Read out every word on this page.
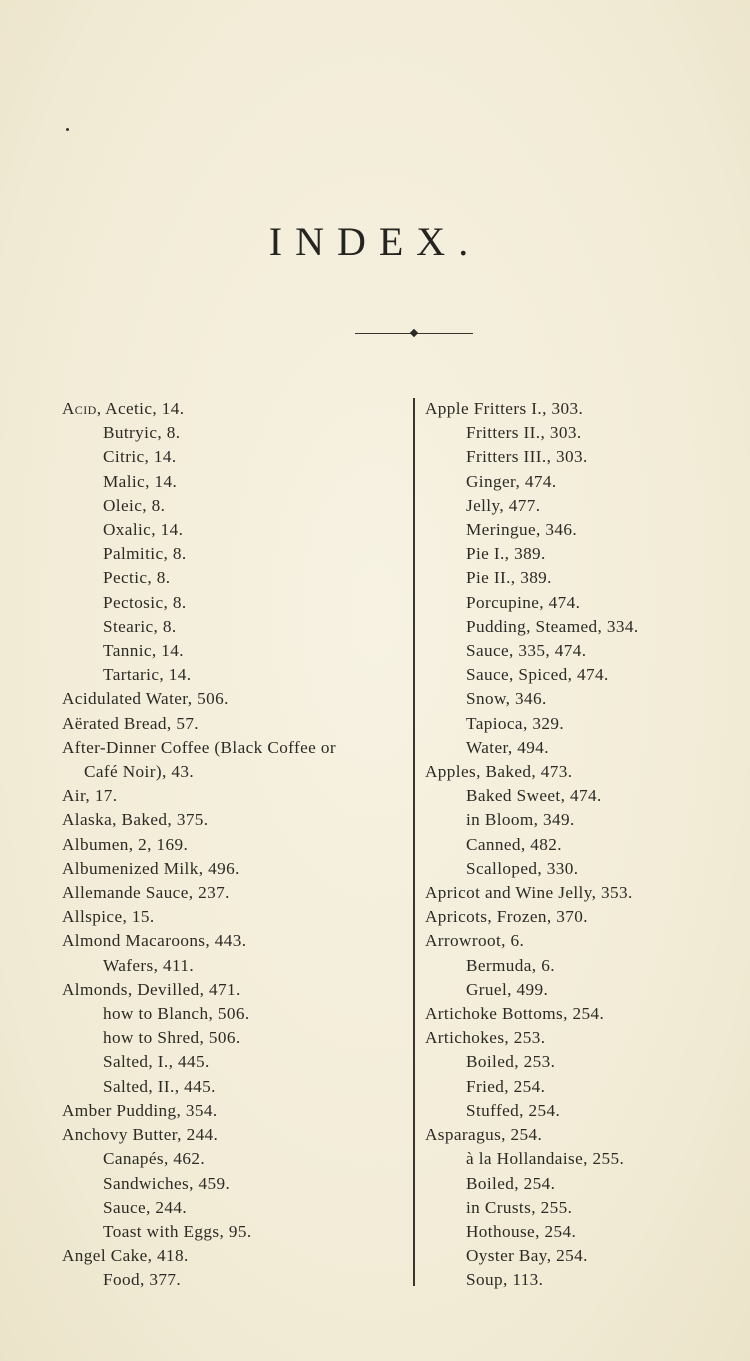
INDEX.
Acid, Acetic, 14.
Butryic, 8.
Citric, 14.
Malic, 14.
Oleic, 8.
Oxalic, 14.
Palmitic, 8.
Pectic, 8.
Pectosic, 8.
Stearic, 8.
Tannic, 14.
Tartaric, 14.
Acidulated Water, 506.
Aërated Bread, 57.
After-Dinner Coffee (Black Coffee or
Café Noir), 43.
Air, 17.
Alaska, Baked, 375.
Albumen, 2, 169.
Albumenized Milk, 496.
Allemande Sauce, 237.
Allspice, 15.
Almond Macaroons, 443.
Wafers, 411.
Almonds, Devilled, 471.
how to Blanch, 506.
how to Shred, 506.
Salted, I., 445.
Salted, II., 445.
Amber Pudding, 354.
Anchovy Butter, 244.
Canapés, 462.
Sandwiches, 459.
Sauce, 244.
Toast with Eggs, 95.
Angel Cake, 418.
Food, 377.
Apple Fritters I., 303.
Fritters II., 303.
Fritters III., 303.
Ginger, 474.
Jelly, 477.
Meringue, 346.
Pie I., 389.
Pie II., 389.
Porcupine, 474.
Pudding, Steamed, 334.
Sauce, 335, 474.
Sauce, Spiced, 474.
Snow, 346.
Tapioca, 329.
Water, 494.
Apples, Baked, 473.
Baked Sweet, 474.
in Bloom, 349.
Canned, 482.
Scalloped, 330.
Apricot and Wine Jelly, 353.
Apricots, Frozen, 370.
Arrowroot, 6.
Bermuda, 6.
Gruel, 499.
Artichoke Bottoms, 254.
Artichokes, 253.
Boiled, 253.
Fried, 254.
Stuffed, 254.
Asparagus, 254.
à la Hollandaise, 255.
Boiled, 254.
in Crusts, 255.
Hothouse, 254.
Oyster Bay, 254.
Soup, 113.
